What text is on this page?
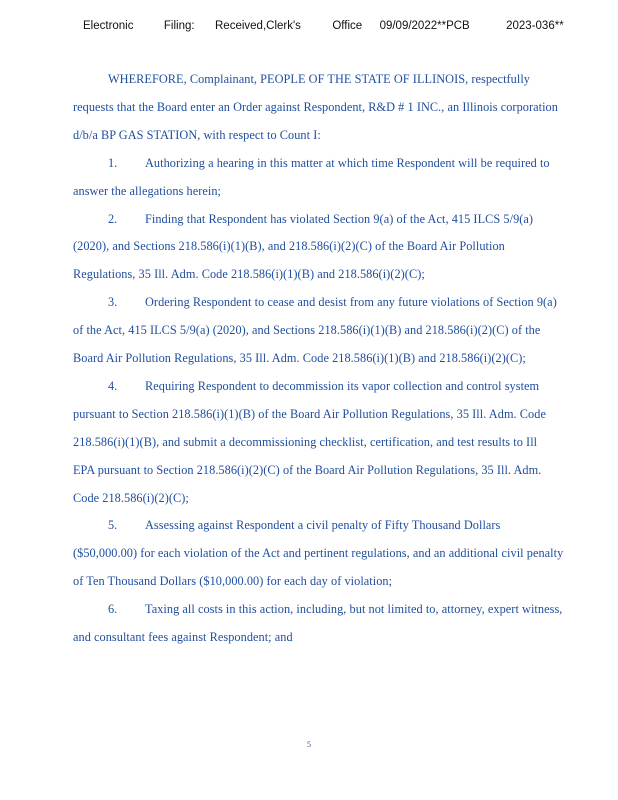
Electronic	Filing: Received,Clerk's	Office 09/09/2022**PCB	2023-036**
WHEREFORE, Complainant, PEOPLE OF THE STATE OF ILLINOIS, respectfully
requests that the Board enter an Order against Respondent, R&D # 1 INC., an Illinois corporation
d/b/a BP GAS STATION, with respect to Count I:
1. Authorizing a hearing in this matter at which time Respondent will be required to
answer the allegations herein;
2. Finding that Respondent has violated Section 9(a) of the Act, 415 ILCS 5/9(a)
(2020), and Sections 218.586(i)(1)(B), and 218.586(i)(2)(C) of the Board Air Pollution
Regulations, 35 Ill. Adm. Code 218.586(i)(1)(B) and 218.586(i)(2)(C);
3. Ordering Respondent to cease and desist from any future violations of Section 9(a)
of the Act, 415 ILCS 5/9(a) (2020), and Sections 218.586(i)(1)(B) and 218.586(i)(2)(C) of the
Board Air Pollution Regulations, 35 Ill. Adm. Code 218.586(i)(1)(B) and 218.586(i)(2)(C);
4. Requiring Respondent to decommission its vapor collection and control system
pursuant to Section 218.586(i)(1)(B) of the Board Air Pollution Regulations, 35 Ill. Adm. Code
218.586(i)(1)(B), and submit a decommissioning checklist, certification, and test results to Ill
EPA pursuant to Section 218.586(i)(2)(C) of the Board Air Pollution Regulations, 35 Ill. Adm.
Code 218.586(i)(2)(C);
5. Assessing against Respondent a civil penalty of Fifty Thousand Dollars
($50,000.00) for each violation of the Act and pertinent regulations, and an additional civil penalty
of Ten Thousand Dollars ($10,000.00) for each day of violation;
6. Taxing all costs in this action, including, but not limited to, attorney, expert witness,
and consultant fees against Respondent; and
5
